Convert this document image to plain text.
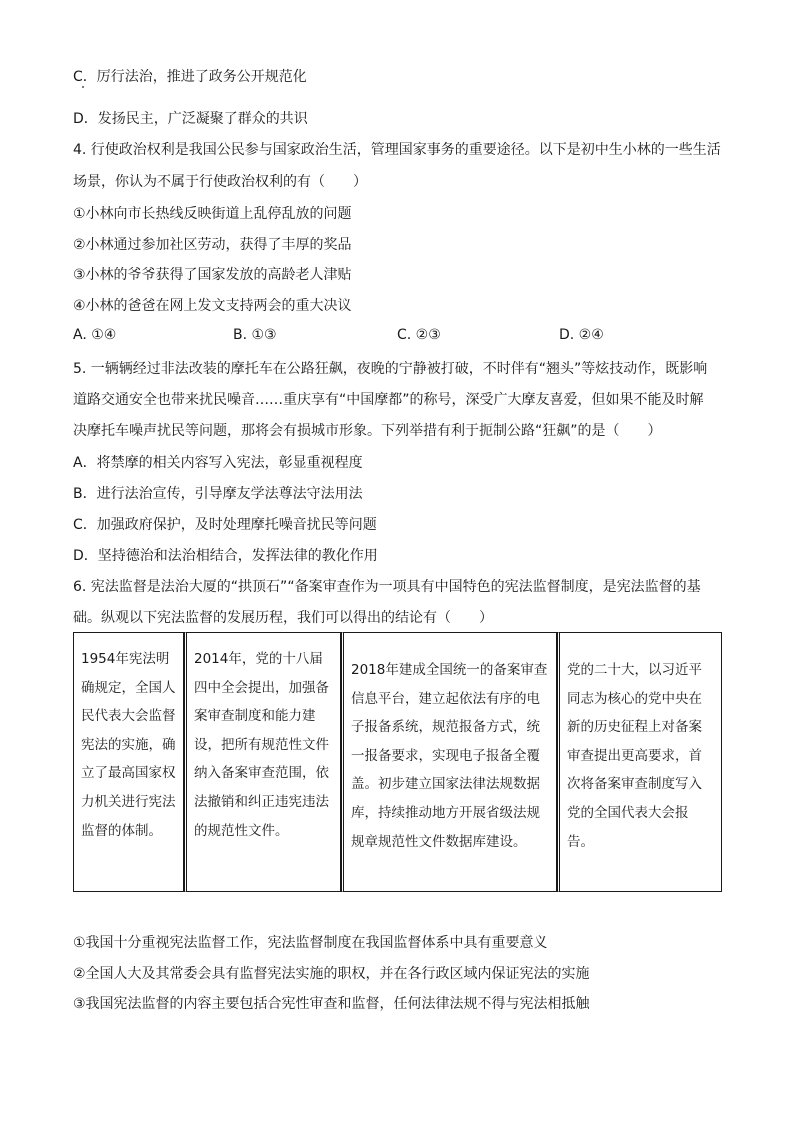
C．厉行法治，推进了政务公开规范化
D．发扬民主，广泛凝聚了群众的共识
4. 行使政治权利是我国公民参与国家政治生活，管理国家事务的重要途径。以下是初中生小林的一些生活
场景，你认为不属于行使政治权利的有（　　）
①小林向市长热线反映街道上乱停乱放的问题
②小林通过参加社区劳动，获得了丰厚的奖品
③小林的爷爷获得了国家发放的高龄老人津贴
④小林的爸爸在网上发文支持两会的重大决议
A. ①④	B. ①③	C. ②③	D. ②④
5. 一辆辆经过非法改装的摩托车在公路狂飙，夜晚的宁静被打破，不时伴有“翘头”等炫技动作，既影响
道路交通安全也带来扰民噪音……重庆享有“中国摩都”的称号，深受广大摩友喜爱，但如果不能及时解
决摩托车噪声扰民等问题，那将会有损城市形象。下列举措有利于扼制公路“狂飙”的是（　　）
A．将禁摩的相关内容写入宪法，彰显重视程度
B．进行法治宣传，引导摩友学法尊法守法用法
C．加强政府保护，及时处理摩托噪音扰民等问题
D．坚持德治和法治相结合，发挥法律的教化作用
6. 宪法监督是法治大厦的“拱顶石”“备案审查作为一项具有中国特色的宪法监督制度，是宪法监督的基
础。纵观以下宪法监督的发展历程，我们可以得出的结论有（　　）
1954年宪法明确规定，全国人民代表大会监督宪法的实施，确立了最高国家权力机关进行宪法监督的体制。	2014年，党的十八届四中全会提出，加强备案审查制度和能力建设，把所有规范性文件纳入备案审查范围，依法撤销和纠正违宪违法的规范性文件。	2018年建成全国统一的备案审查信息平台，建立起依法有序的电子报备系统，规范报备方式，统一报备要求，实现电子报备全覆盖。初步建立国家法律法规数据库，持续推动地方开展省级法规规章规范性文件数据库建设。	党的二十大，以习近平同志为核心的党中央在新的历史征程上对备案审查提出更高要求，首次将备案审查制度写入党的全国代表大会报告。
①我国十分重视宪法监督工作，宪法监督制度在我国监督体系中具有重要意义
②全国人大及其常委会具有监督宪法实施的职权，并在各行政区域内保证宪法的实施
③我国宪法监督的内容主要包括合宪性审查和监督，任何法律法规不得与宪法相抵触
